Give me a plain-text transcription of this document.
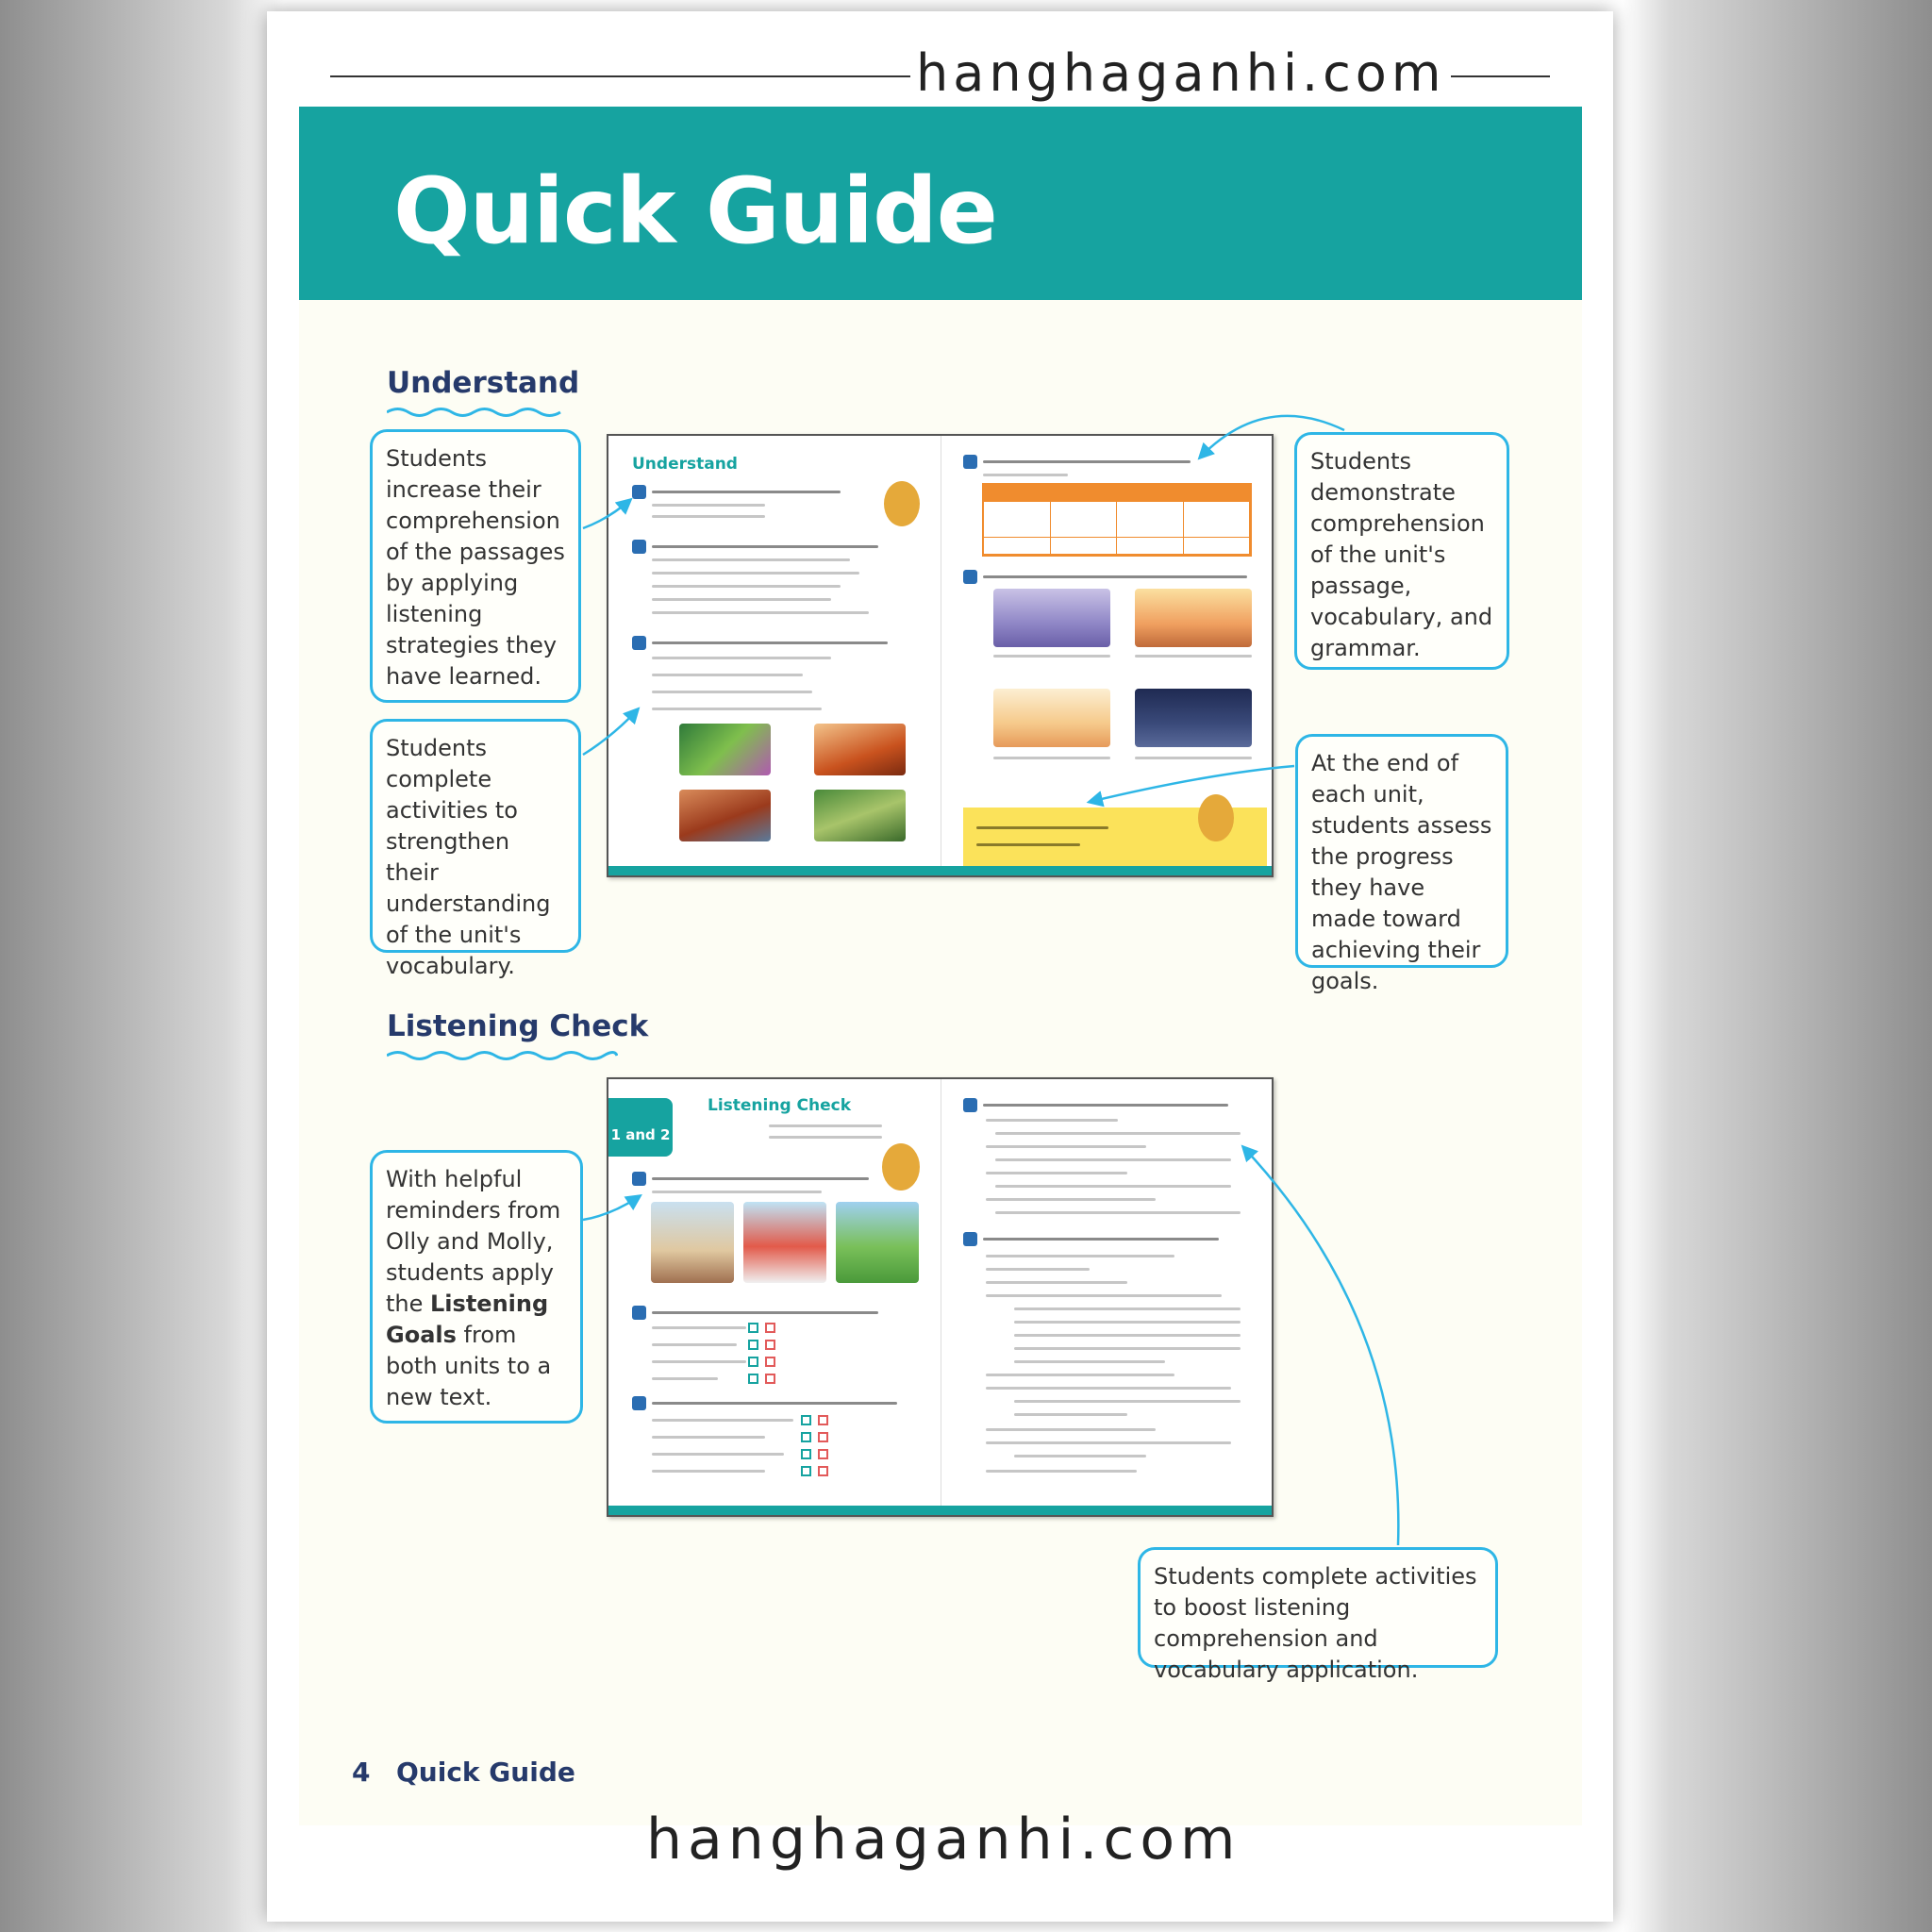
hanghaganhi.com
Quick Guide
Understand
Students increase their comprehension of the passages by applying listening strategies they have learned.
Students complete activities to strengthen their understanding of the unit's vocabulary.
Students demonstrate comprehension of the unit's passage, vocabulary, and grammar.
At the end of each unit, students assess the progress they have made toward achieving their goals.
Understand
Listening Check
With helpful reminders from Olly and Molly, students apply the Listening Goals from both units to a new text.
Students complete activities to boost listening comprehension and vocabulary application.
1 and 2
Listening Check
4 Quick Guide
hanghaganhi.com
